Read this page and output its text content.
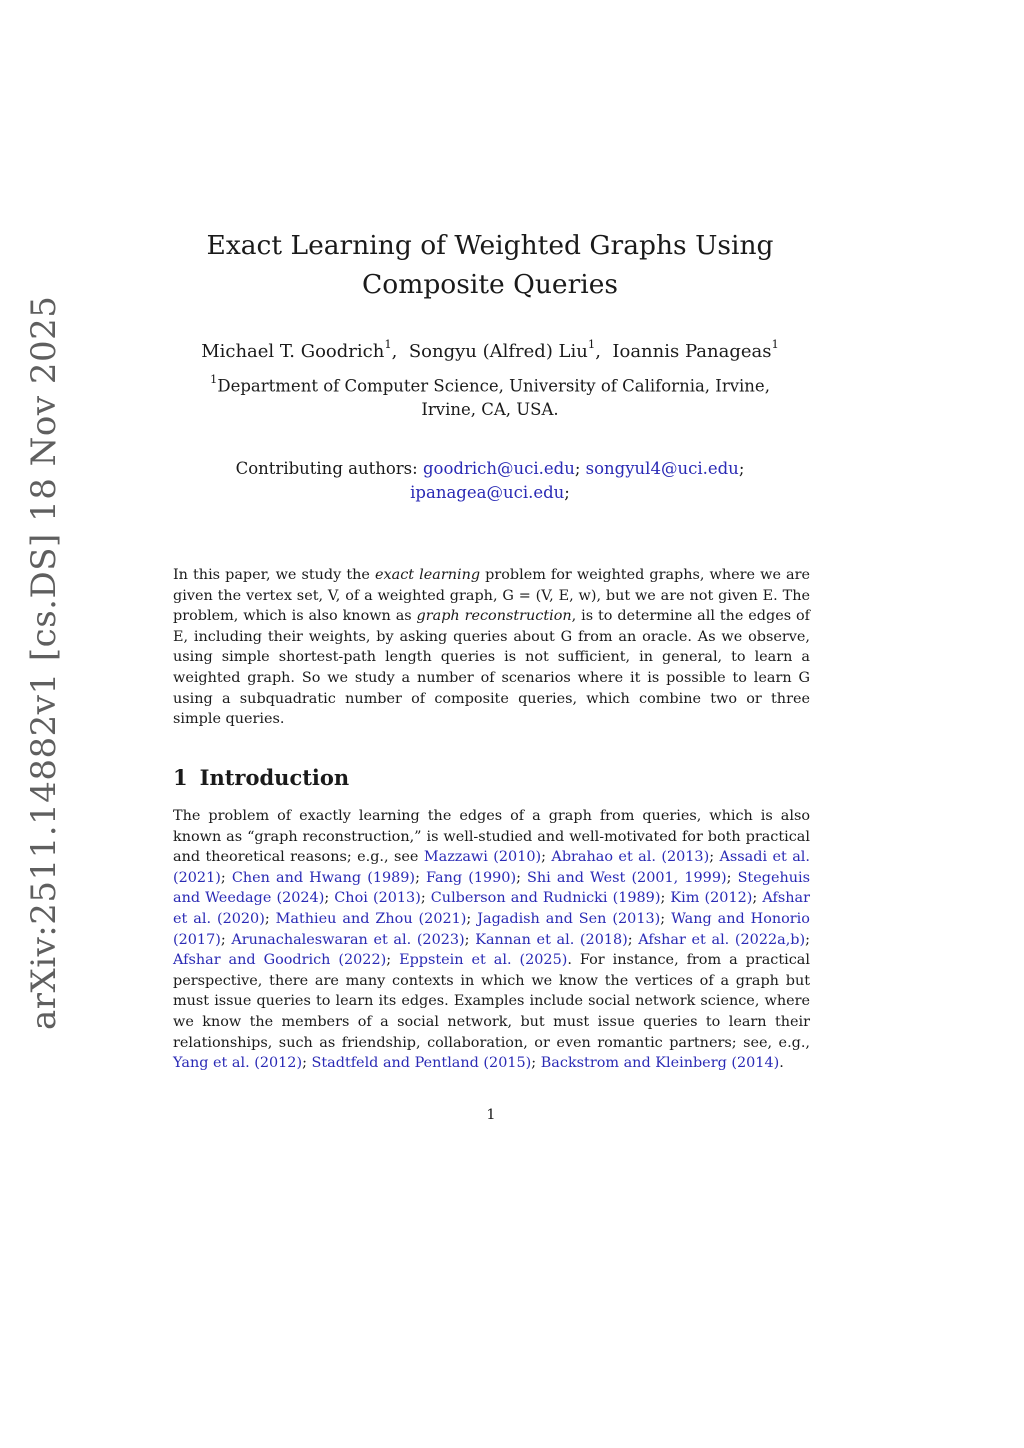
arXiv:2511.14882v1 [cs.DS] 18 Nov 2025
Exact Learning of Weighted Graphs Using
Composite Queries
Michael T. Goodrich$^1$,  Songyu (Alfred) Liu$^1$,  Ioannis Panageas$^1$
$^1$Department of Computer Science, University of California, Irvine,
Irvine, CA, USA.
Contributing authors: goodrich@uci.edu; songyul4@uci.edu;
ipanagea@uci.edu;
In this paper, we study the exact learning problem for weighted graphs, where we are given the vertex set, V, of a weighted graph, G = (V, E, w), but we are not given E. The problem, which is also known as graph reconstruction, is to determine all the edges of E, including their weights, by asking queries about G from an oracle. As we observe, using simple shortest-path length queries is not sufficient, in general, to learn a weighted graph. So we study a number of scenarios where it is possible to learn G using a subquadratic number of composite queries, which combine two or three simple queries.
1 Introduction
The problem of exactly learning the edges of a graph from queries, which is also known as “graph reconstruction,” is well-studied and well-motivated for both practical and theoretical reasons; e.g., see Mazzawi (2010); Abrahao et al. (2013); Assadi et al. (2021); Chen and Hwang (1989); Fang (1990); Shi and West (2001, 1999); Stegehuis and Weedage (2024); Choi (2013); Culberson and Rudnicki (1989); Kim (2012); Afshar et al. (2020); Mathieu and Zhou (2021); Jagadish and Sen (2013); Wang and Honorio (2017); Arunachaleswaran et al. (2023); Kannan et al. (2018); Afshar et al. (2022a,b); Afshar and Goodrich (2022); Eppstein et al. (2025). For instance, from a practical perspective, there are many contexts in which we know the vertices of a graph but must issue queries to learn its edges. Examples include social network science, where we know the members of a social network, but must issue queries to learn their relationships, such as friendship, collaboration, or even romantic partners; see, e.g., Yang et al. (2012); Stadtfeld and Pentland (2015); Backstrom and Kleinberg (2014).
1
